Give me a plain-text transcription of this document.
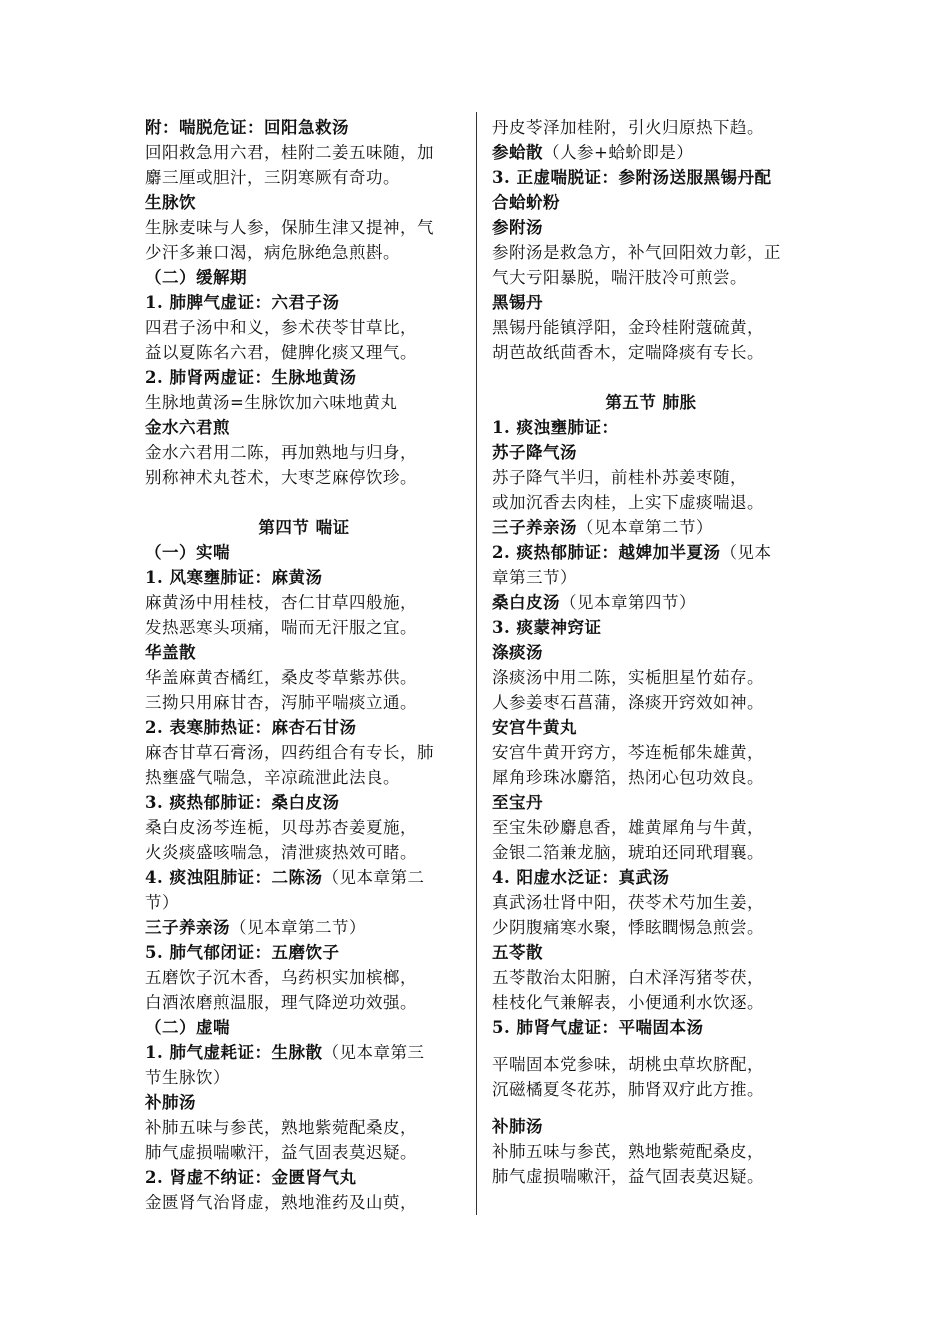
附：喘脱危证：回阳急救汤
回阳救急用六君，桂附二姜五味随，加
麝三厘或胆汁，三阴寒厥有奇功。
生脉饮
生脉麦味与人参，保肺生津又提神，气
少汗多兼口渴，病危脉绝急煎斟。
（二）缓解期
1. 肺脾气虚证：六君子汤
四君子汤中和义，参术茯苓甘草比，
益以夏陈名六君，健脾化痰又理气。
2. 肺肾两虚证：生脉地黄汤
生脉地黄汤=生脉饮加六味地黄丸
金水六君煎
金水六君用二陈，再加熟地与归身，
别称神术丸苍术，大枣芝麻停饮珍。
第四节 喘证
（一）实喘
1. 风寒壅肺证：麻黄汤
麻黄汤中用桂枝，杏仁甘草四般施，
发热恶寒头项痛，喘而无汗服之宜。
华盖散
华盖麻黄杏橘红，桑皮苓草紫苏供。
三拗只用麻甘杏，泻肺平喘痰立通。
2. 表寒肺热证：麻杏石甘汤
麻杏甘草石膏汤，四药组合有专长，肺
热壅盛气喘急，辛凉疏泄此法良。
3. 痰热郁肺证：桑白皮汤
桑白皮汤芩连栀，贝母苏杏姜夏施，
火炎痰盛咳喘急，清泄痰热效可睹。
4. 痰浊阻肺证：二陈汤（见本章第二
节）
三子养亲汤（见本章第二节）
5. 肺气郁闭证：五磨饮子
五磨饮子沉木香，乌药枳实加槟榔，
白酒浓磨煎温服，理气降逆功效强。
（二）虚喘
1. 肺气虚耗证：生脉散（见本章第三
节生脉饮）
补肺汤
补肺五味与参芪，熟地紫菀配桑皮，
肺气虚损喘嗽汗，益气固表莫迟疑。
2. 肾虚不纳证：金匮肾气丸
金匮肾气治肾虚，熟地淮药及山萸，
丹皮苓泽加桂附，引火归原热下趋。
参蛤散（人参+蛤蚧即是）
3. 正虚喘脱证：参附汤送服黑锡丹配
合蛤蚧粉
参附汤
参附汤是救急方，补气回阳效力彰，正
气大亏阳暴脱，喘汗肢冷可煎尝。
黑锡丹
黑锡丹能镇浮阳，金玲桂附蔻硫黄，
胡芭故纸茴香木，定喘降痰有专长。
第五节 肺胀
1. 痰浊壅肺证：
苏子降气汤
苏子降气半归，前桂朴苏姜枣随，
或加沉香去肉桂，上实下虚痰喘退。
三子养亲汤（见本章第二节）
2. 痰热郁肺证：越婢加半夏汤（见本
章第三节）
桑白皮汤（见本章第四节）
3. 痰蒙神窍证
涤痰汤
涤痰汤中用二陈，实栀胆星竹茹存。
人参姜枣石菖蒲，涤痰开窍效如神。
安宫牛黄丸
安宫牛黄开窍方，芩连栀郁朱雄黄，
犀角珍珠冰麝箔，热闭心包功效良。
至宝丹
至宝朱砂麝息香，雄黄犀角与牛黄，
金银二箔兼龙脑，琥珀还同玳瑁襄。
4. 阳虚水泛证：真武汤
真武汤壮肾中阳，茯苓术芍加生姜，
少阴腹痛寒水聚，悸眩瞤惕急煎尝。
五苓散
五苓散治太阳腑，白术泽泻猪苓茯，
桂枝化气兼解表，小便通利水饮逐。
5. 肺肾气虚证：平喘固本汤
平喘固本党参味，胡桃虫草坎脐配，
沉磁橘夏冬花苏，肺肾双疗此方推。
补肺汤
补肺五味与参芪，熟地紫菀配桑皮，
肺气虚损喘嗽汗，益气固表莫迟疑。
